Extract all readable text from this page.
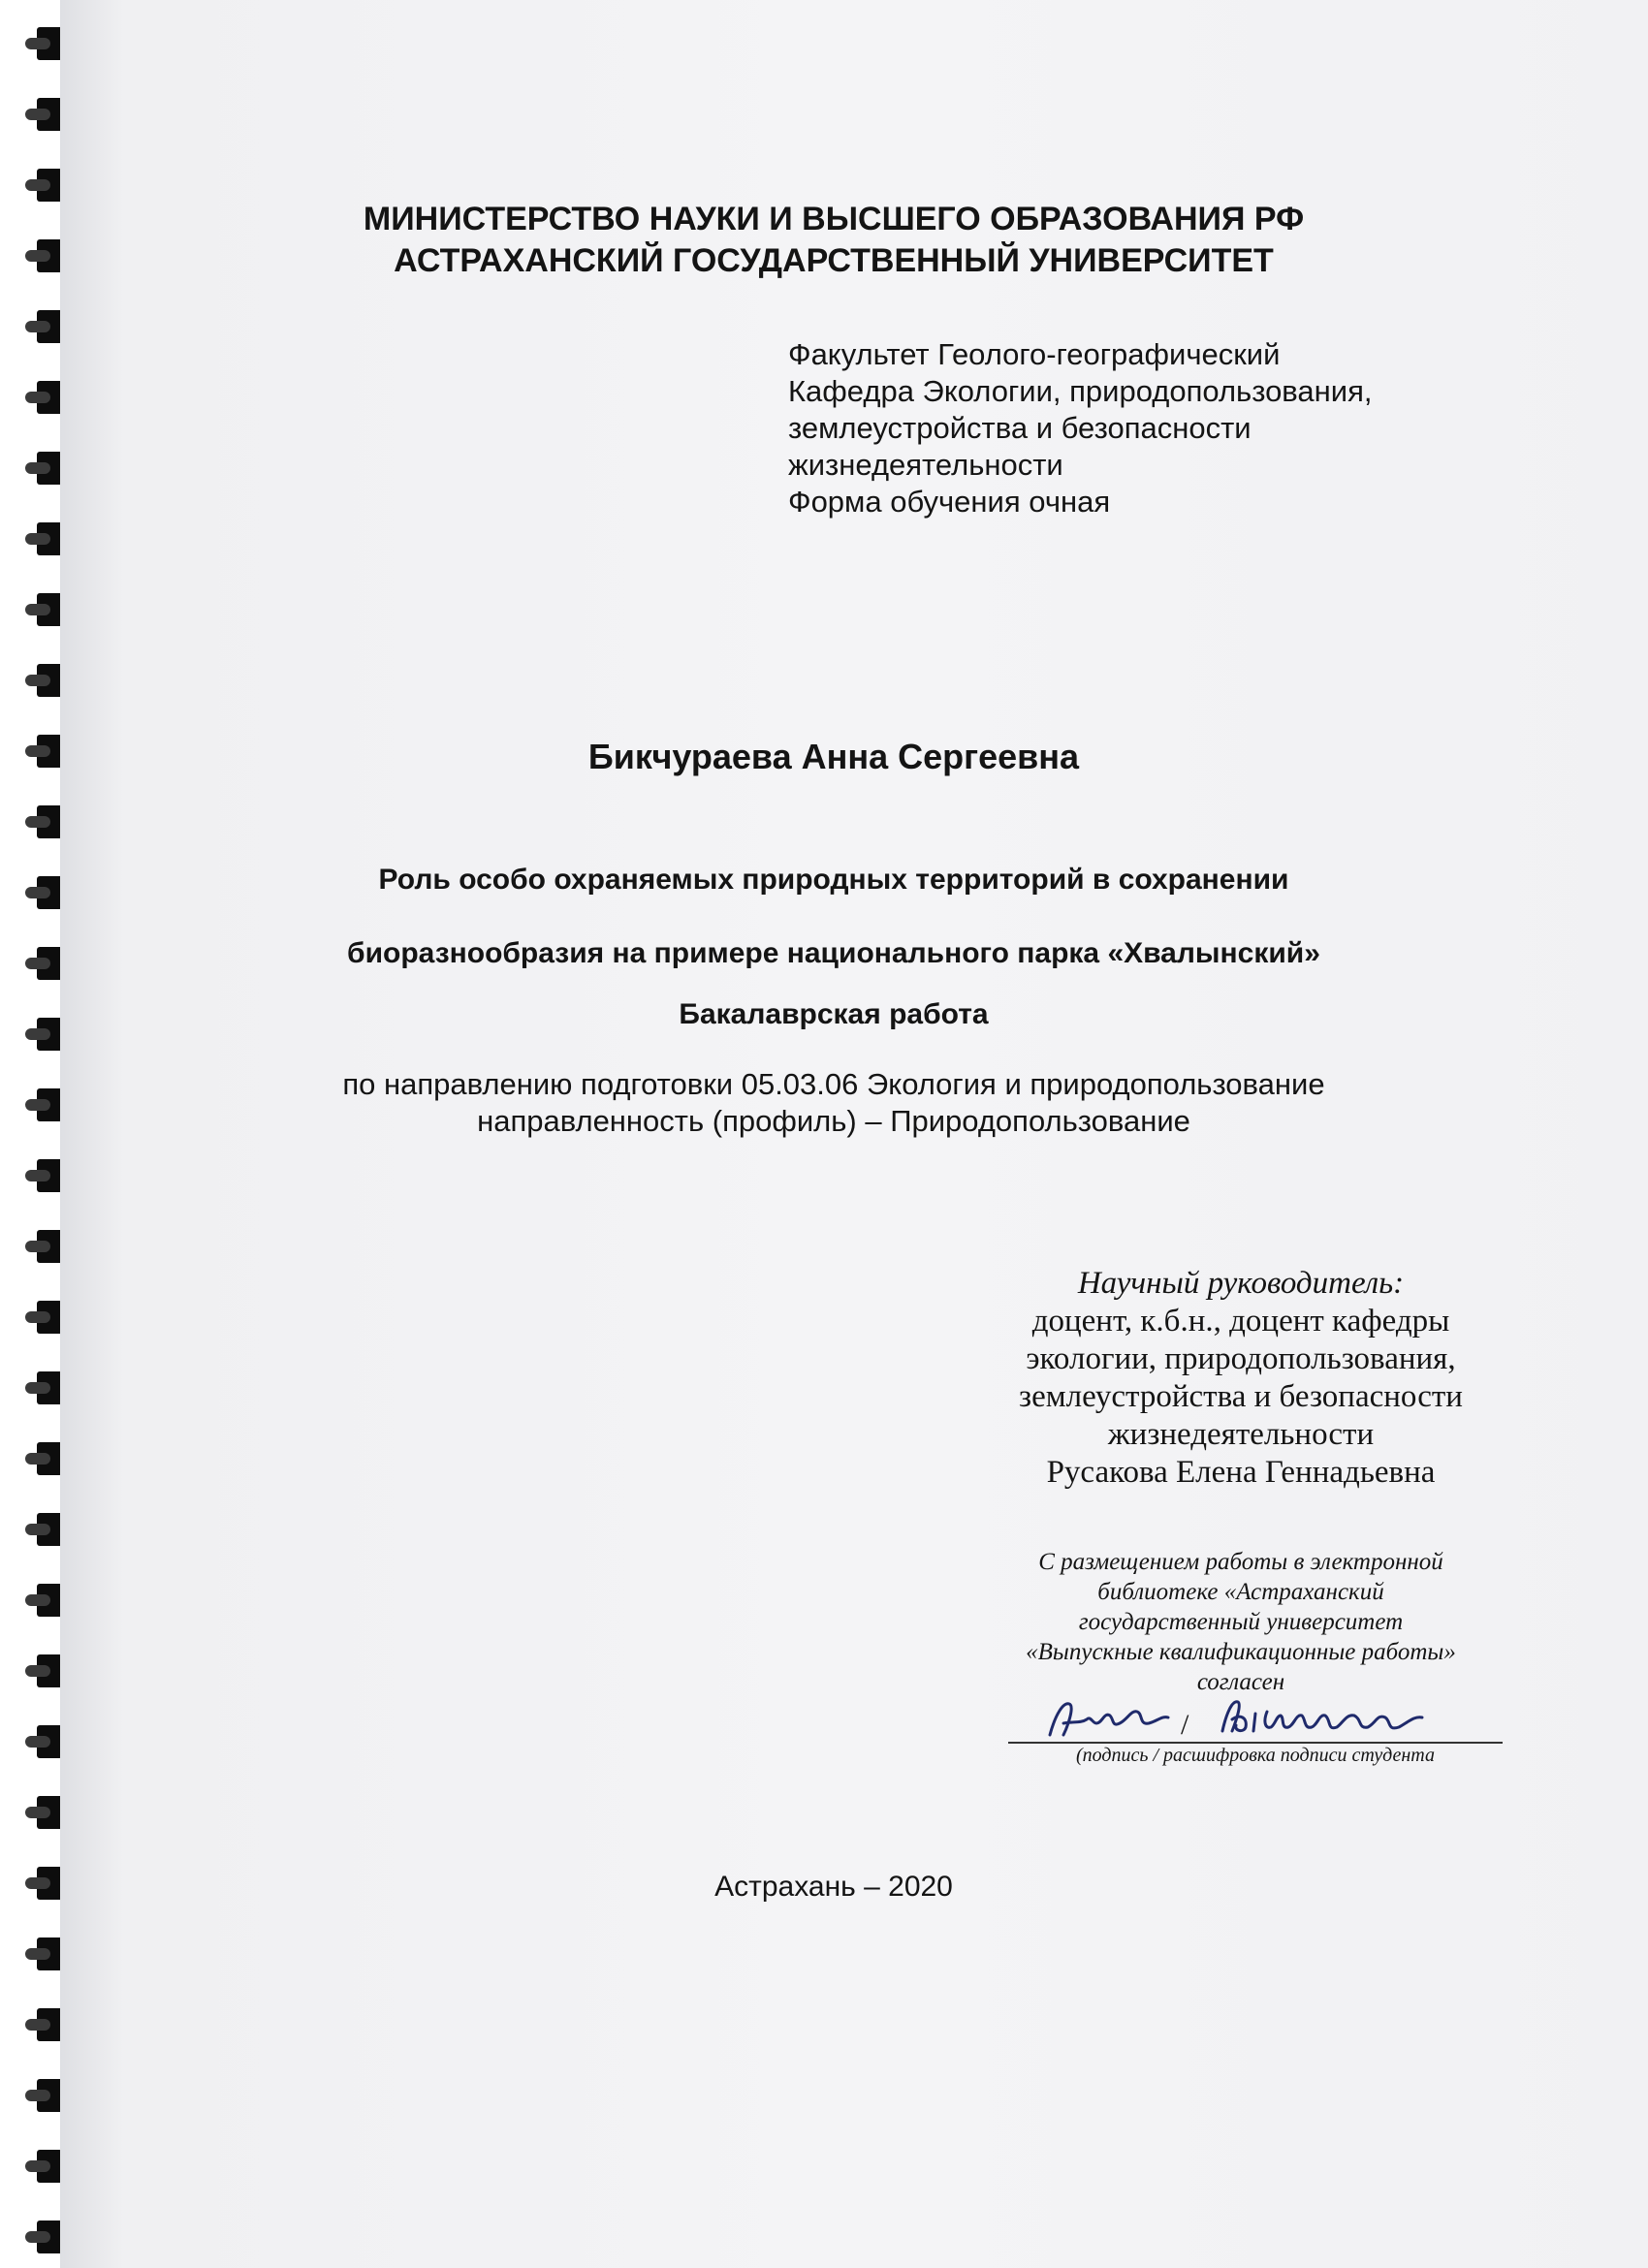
МИНИСТЕРСТВО НАУКИ И ВЫСШЕГО ОБРАЗОВАНИЯ РФ
АСТРАХАНСКИЙ ГОСУДАРСТВЕННЫЙ УНИВЕРСИТЕТ
Факультет Геолого-географический
Кафедра Экологии, природопользования,
землеустройства и безопасности
жизнедеятельности
Форма обучения очная
Бикчураева Анна Сергеевна
Роль особо охраняемых природных территорий в сохранении
биоразнообразия на примере национального парка «Хвалынский»
Бакалаврская работа
по направлению подготовки 05.03.06 Экология и природопользование
направленность (профиль) – Природопользование
Научный руководитель:
доцент, к.б.н., доцент кафедры
экологии, природопользования,
землеустройства и безопасности
жизнедеятельности
Русакова Елена Геннадьевна
С размещением работы в электронной
библиотеке «Астраханский
государственный университет
«Выпускные квалификационные работы»
согласен
/
(подпись / расшифровка подписи студента
Астрахань – 2020
